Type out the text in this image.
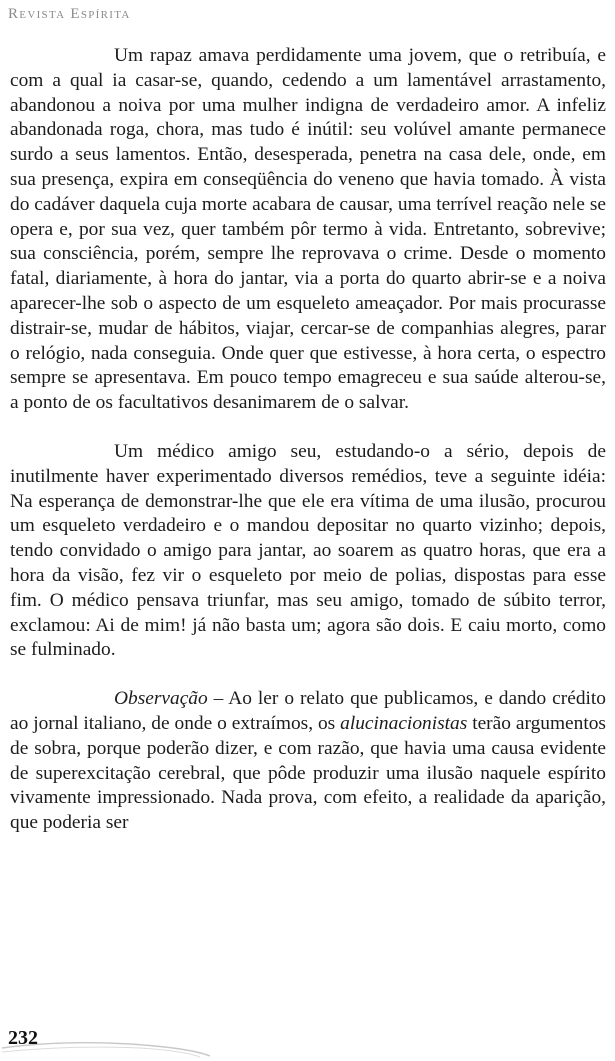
Revista Espírita

Um rapaz amava perdidamente uma jovem, que o retribuía, e com a qual ia casar-se, quando, cedendo a um lamentável arrastamento, abandonou a noiva por uma mulher indigna de verdadeiro amor. A infeliz abandonada roga, chora, mas tudo é inútil: seu volúvel amante permanece surdo a seus lamentos. Então, desesperada, penetra na casa dele, onde, em sua presença, expira em conseqüência do veneno que havia tomado. À vista do cadáver daquela cuja morte acabara de causar, uma terrível reação nele se opera e, por sua vez, quer também pôr termo à vida. Entretanto, sobrevive; sua consciência, porém, sempre lhe reprovava o crime. Desde o momento fatal, diariamente, à hora do jantar, via a porta do quarto abrir-se e a noiva aparecer-lhe sob o aspecto de um esqueleto ameaçador. Por mais procurasse distrair-se, mudar de hábitos, viajar, cercar-se de companhias alegres, parar o relógio, nada conseguia. Onde quer que estivesse, à hora certa, o espectro sempre se apresentava. Em pouco tempo emagreceu e sua saúde alterou-se, a ponto de os facultativos desanimarem de o salvar.

Um médico amigo seu, estudando-o a sério, depois de inutilmente haver experimentado diversos remédios, teve a seguinte idéia: Na esperança de demonstrar-lhe que ele era vítima de uma ilusão, procurou um esqueleto verdadeiro e o mandou depositar no quarto vizinho; depois, tendo convidado o amigo para jantar, ao soarem as quatro horas, que era a hora da visão, fez vir o esqueleto por meio de polias, dispostas para esse fim. O médico pensava triunfar, mas seu amigo, tomado de súbito terror, exclamou: Ai de mim! já não basta um; agora são dois. E caiu morto, como se fulminado.

Observação – Ao ler o relato que publicamos, e dando crédito ao jornal italiano, de onde o extraímos, os alucinacionistas terão argumentos de sobra, porque poderão dizer, e com razão, que havia uma causa evidente de superexcitação cerebral, que pôde produzir uma ilusão naquele espírito vivamente impressionado. Nada prova, com efeito, a realidade da aparição, que poderia ser

232
